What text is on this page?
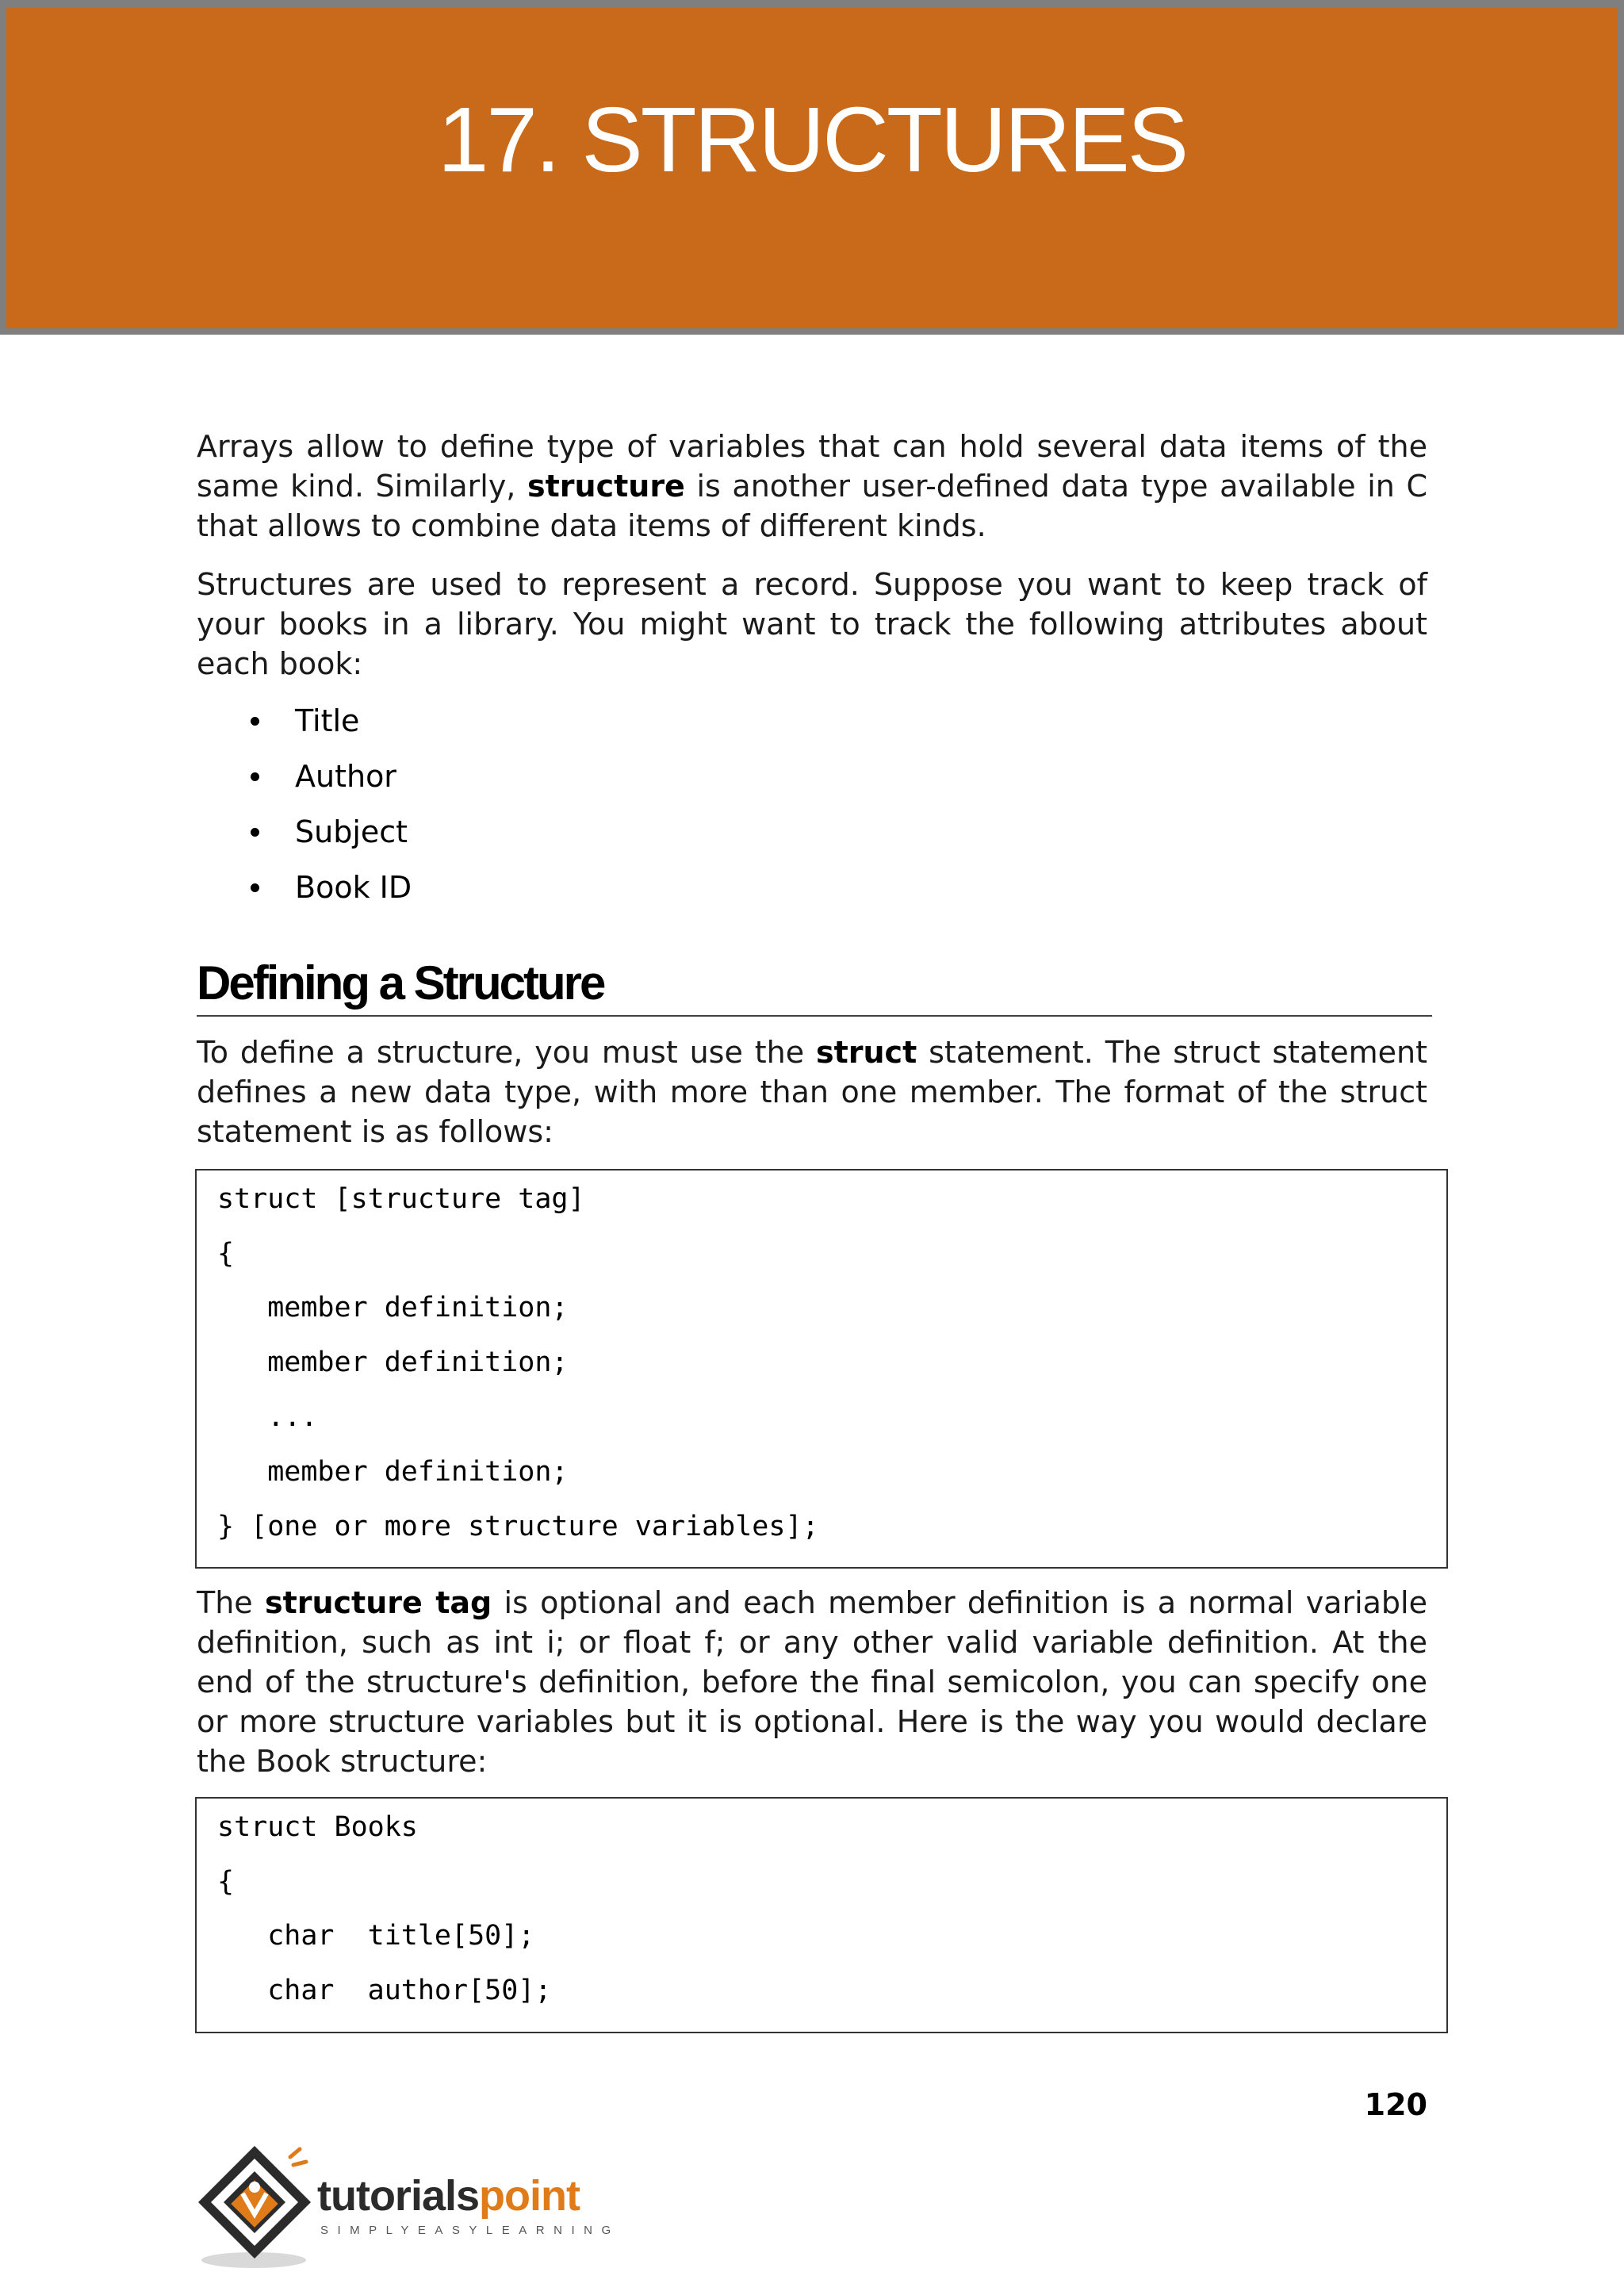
17. STRUCTURES

Arrays allow to define type of variables that can hold several data items of the same kind. Similarly, structure is another user-defined data type available in C that allows to combine data items of different kinds.

Structures are used to represent a record. Suppose you want to keep track of your books in a library. You might want to track the following attributes about each book:

Title
Author
Subject
Book ID
Defining a Structure

To define a structure, you must use the struct statement. The struct statement defines a new data type, with more than one member. The format of the struct statement is as follows:

struct [structure tag]
{
member definition;
member definition;
...
member definition;
} [one or more structure variables];

The structure tag is optional and each member definition is a normal variable definition, such as int i; or float f; or any other valid variable definition. At the end of the structure's definition, before the final semicolon, you can specify one or more structure variables but it is optional. Here is the way you would declare the Book structure:

struct Books
{
char  title[50];
char  author[50];
120
tutorialspoint
SIMPLYEASYLEARNING
